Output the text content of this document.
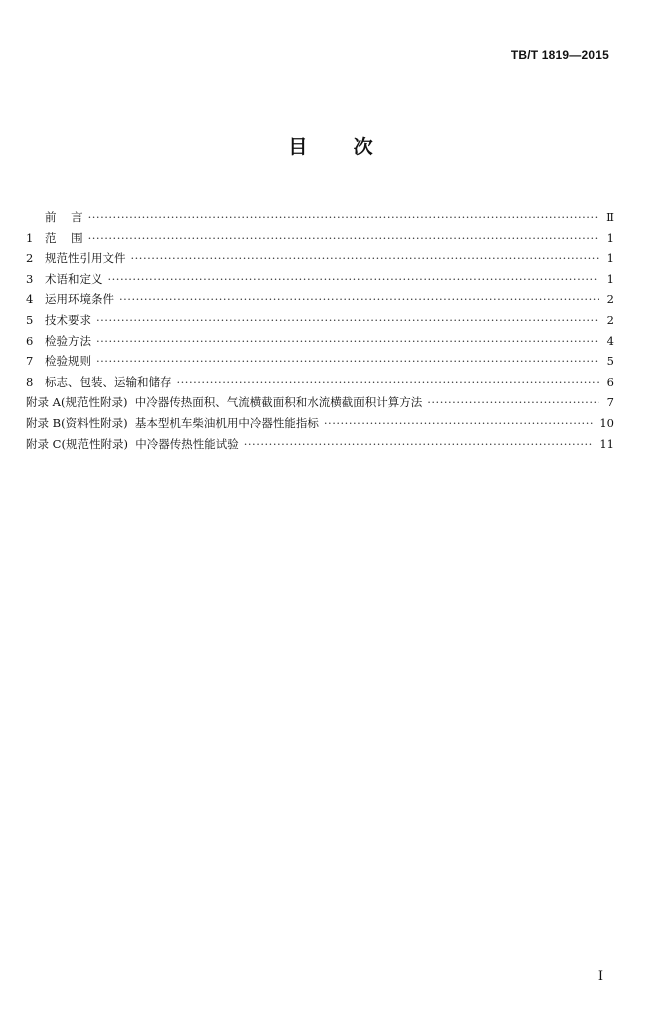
TB/T 1819—2015
目       次
前    言 ·····	Ⅱ
1	范    围 ·····	1
2	规范性引用文件 ·····	1
3	术语和定义 ·····	1
4	运用环境条件 ·····	2
5	技术要求 ·····	2
6	检验方法 ·····	4
7	检验规则 ·····	5
8	标志、包装、运输和储存 ·····	6
附录 A(规范性附录)  中冷器传热面积、气流横截面积和水流横截面积计算方法 ·····	7
附录 B(资料性附录)  基本型机车柴油机用中冷器性能指标 ·····	10
附录 C(规范性附录)  中冷器传热性能试验 ·····	11
I
